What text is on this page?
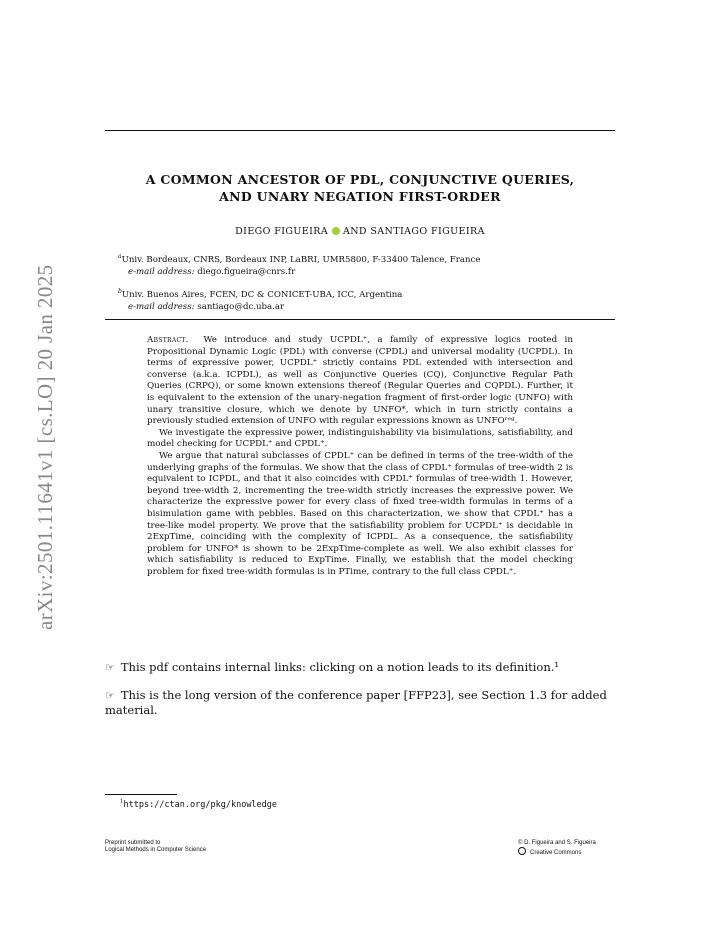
arXiv:2501.11641v1 [cs.LO] 20 Jan 2025
A COMMON ANCESTOR OF PDL, CONJUNCTIVE QUERIES,
AND UNARY NEGATION FIRST-ORDER
DIEGO FIGUEIRA AND SANTIAGO FIGUEIRA
$^a$Univ. Bordeaux, CNRS, Bordeaux INP, LaBRI, UMR5800, F-33400 Talence, France
e-mail address: diego.figueira@cnrs.fr
$^b$Univ. Buenos Aires, FCEN, DC & CONICET-UBA, ICC, Argentina
e-mail address: santiago@dc.uba.ar

Abstract. We introduce and study UCPDL⁺, a family of expressive logics rooted in Propositional Dynamic Logic (PDL) with converse (CPDL) and universal modality (UCPDL). In terms of expressive power, UCPDL⁺ strictly contains PDL extended with intersection and converse (a.k.a. ICPDL), as well as Conjunctive Queries (CQ), Conjunctive Regular Path Queries (CRPQ), or some known extensions thereof (Regular Queries and CQPDL). Further, it is equivalent to the extension of the unary-negation fragment of first-order logic (UNFO) with unary transitive closure, which we denote by UNFO*, which in turn strictly contains a previously studied extension of UNFO with regular expressions known as UNFOʳᵉᵍ.

We investigate the expressive power, indistinguishability via bisimulations, satisfiability, and model checking for UCPDL⁺ and CPDL⁺.

We argue that natural subclasses of CPDL⁺ can be defined in terms of the tree-width of the underlying graphs of the formulas. We show that the class of CPDL⁺ formulas of tree-width 2 is equivalent to ICPDL, and that it also coincides with CPDL⁺ formulas of tree-width 1. However, beyond tree-width 2, incrementing the tree-width strictly increases the expressive power. We characterize the expressive power for every class of fixed tree-width formulas in terms of a bisimulation game with pebbles. Based on this characterization, we show that CPDL⁺ has a tree-like model property. We prove that the satisfiability problem for UCPDL⁺ is decidable in 2ExpTime, coinciding with the complexity of ICPDL. As a consequence, the satisfiability problem for UNFO* is shown to be 2ExpTime-complete as well. We also exhibit classes for which satisfiability is reduced to ExpTime. Finally, we establish that the model checking problem for fixed tree-width formulas is in PTime, contrary to the full class CPDL⁺.

☞ This pdf contains internal links: clicking on a notion leads to its definition.¹
☞ This is the long version of the conference paper [FFP23], see Section 1.3 for added material.
$^1$https://ctan.org/pkg/knowledge
Preprint submitted to
Logical Methods in Computer Science
© D. Figueira and S. Figueira
Creative Commons
